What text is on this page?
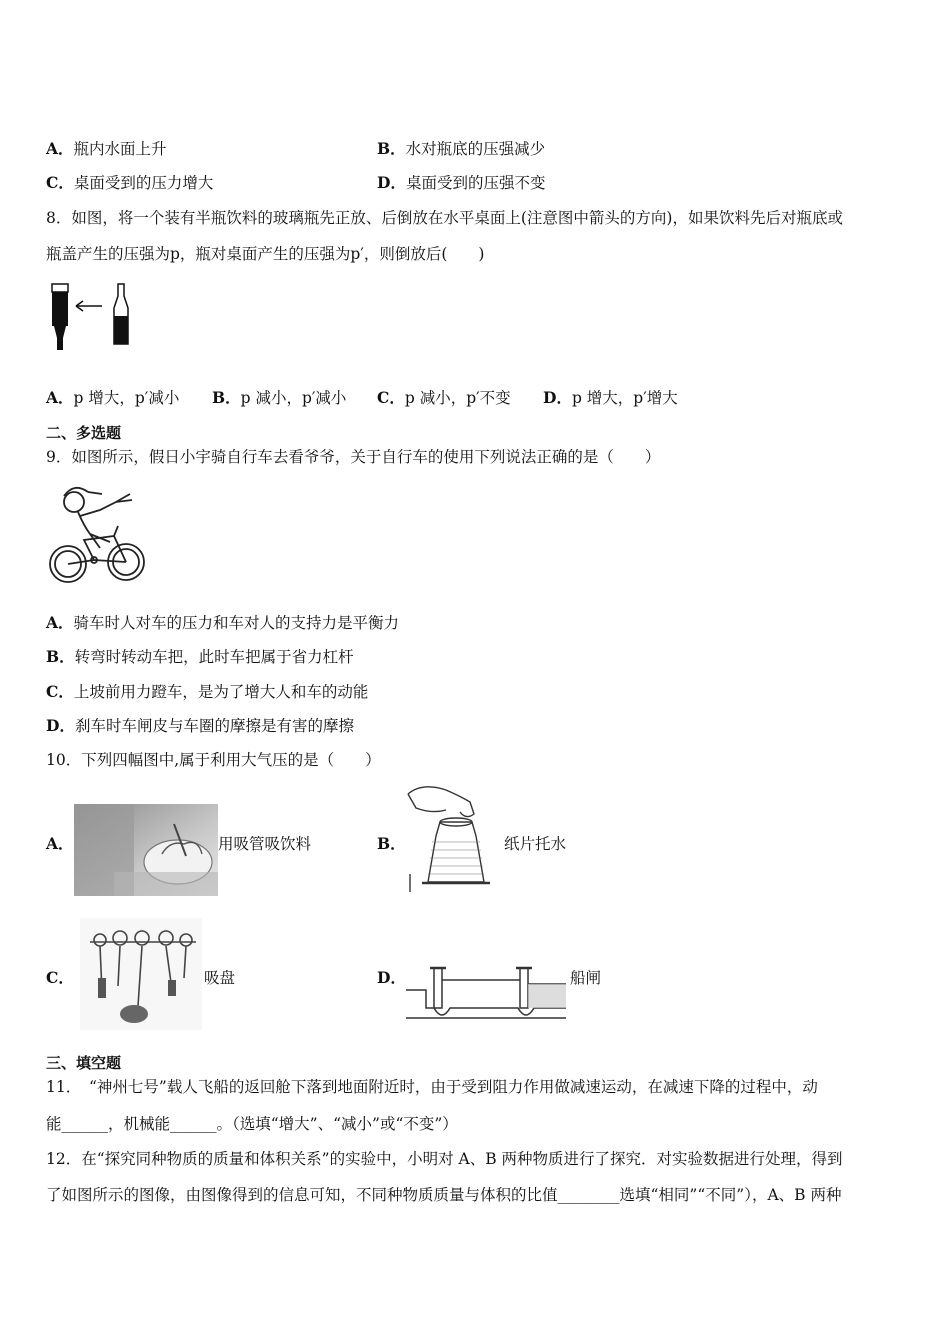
A．瓶内水面上升	B．水对瓶底的压强减少
C．桌面受到的压力增大	D．桌面受到的压强不变
8．如图，将一个装有半瓶饮料的玻璃瓶先正放、后倒放在水平桌面上(注意图中箭头的方向)，如果饮料先后对瓶底或
瓶盖产生的压强为p，瓶对桌面产生的压强为p′，则倒放后(　　)
A．p 增大，p′减小 B．p 减小，p′减小 C．p 减小，p′不变 D．p 增大，p′增大
二、多选题
9．如图所示，假日小宇骑自行车去看爷爷，关于自行车的使用下列说法正确的是（　　）
A．骑车时人对车的压力和车对人的支持力是平衡力
B．转弯时转动车把，此时车把属于省力杠杆
C．上坡前用力蹬车，是为了增大人和车的动能
D．刹车时车闸皮与车圈的摩擦是有害的摩擦
10．下列四幅图中,属于利用大气压的是（　　）
A．	用吸管吸饮料	B．	纸片托水
C．	吸盘	D．	船闸
三、填空题
11．　“神州七号”载人飞船的返回舱下落到地面附近时，由于受到阻力作用做减速运动，在减速下降的过程中，动
能______，机械能______。（选填“增大”、“减小”或“不变”）
12．在“探究同种物质的质量和体积关系”的实验中，小明对 A、B 两种物质进行了探究．对实验数据进行处理，得到
了如图所示的图像，由图像得到的信息可知，不同种物质质量与体积的比值________选填“相同”“不同”），A、B 两种
